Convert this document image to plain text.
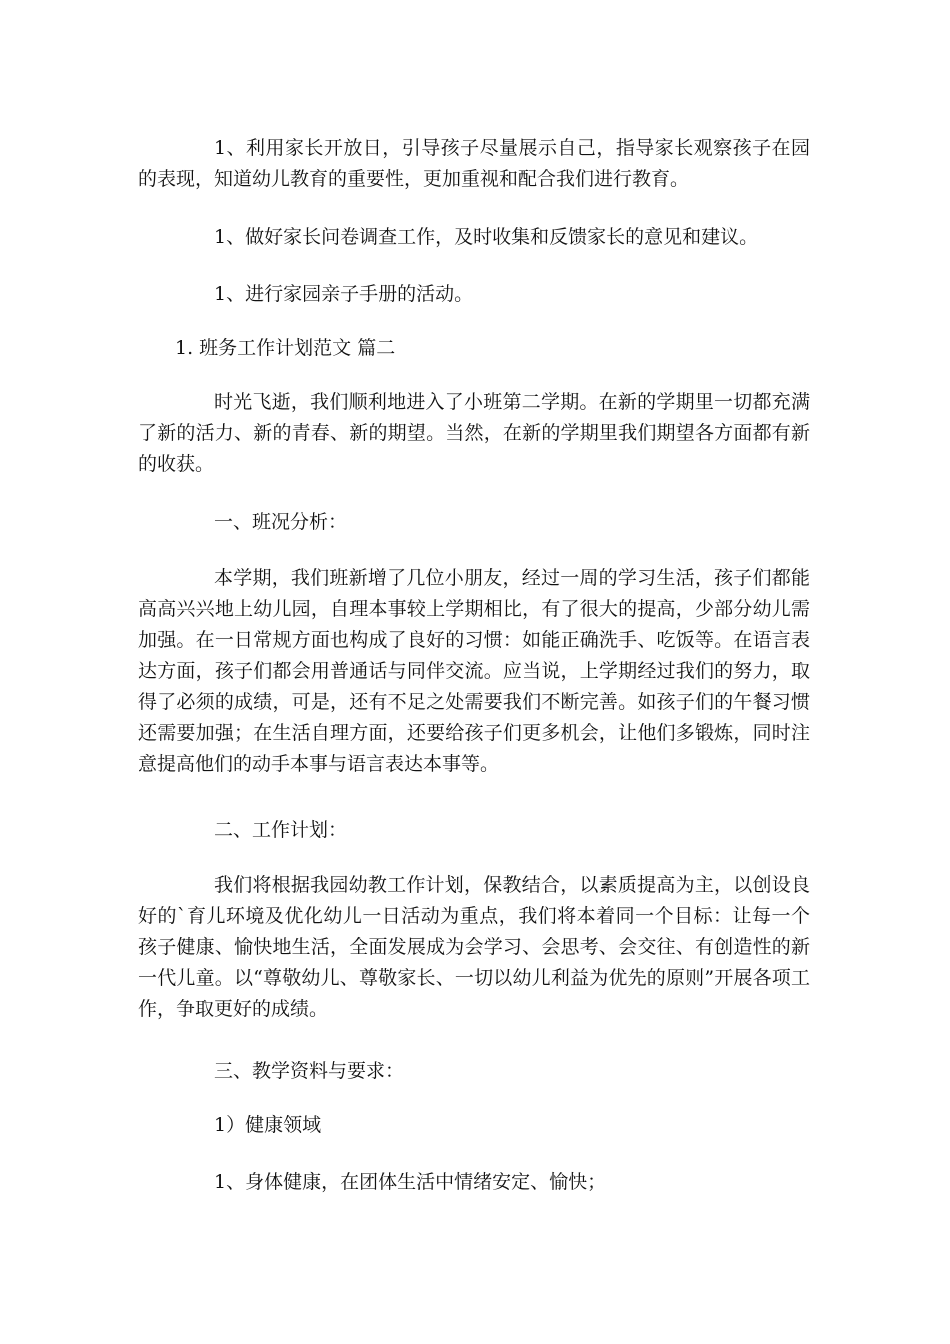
1、利用家长开放日，引导孩子尽量展示自己，指导家长观察孩子在园的表现，知道幼儿教育的重要性，更加重视和配合我们进行教育。

1、做好家长问卷调查工作，及时收集和反馈家长的意见和建议。

1、进行家园亲子手册的活动。

1. 班务工作计划范文 篇二

时光飞逝，我们顺利地进入了小班第二学期。在新的学期里一切都充满了新的活力、新的青春、新的期望。当然，在新的学期里我们期望各方面都有新的收获。

一、班况分析：

本学期，我们班新增了几位小朋友，经过一周的学习生活，孩子们都能高高兴兴地上幼儿园，自理本事较上学期相比，有了很大的提高，少部分幼儿需加强。在一日常规方面也构成了良好的习惯：如能正确洗手、吃饭等。在语言表达方面，孩子们都会用普通话与同伴交流。应当说，上学期经过我们的努力，取得了必须的成绩，可是，还有不足之处需要我们不断完善。如孩子们的午餐习惯还需要加强；在生活自理方面，还要给孩子们更多机会，让他们多锻炼，同时注意提高他们的动手本事与语言表达本事等。

二、工作计划：

我们将根据我园幼教工作计划，保教结合，以素质提高为主，以创设良好的`育儿环境及优化幼儿一日活动为重点，我们将本着同一个目标：让每一个孩子健康、愉快地生活，全面发展成为会学习、会思考、会交往、有创造性的新一代儿童。以“尊敬幼儿、尊敬家长、一切以幼儿利益为优先的原则”开展各项工作，争取更好的成绩。

三、教学资料与要求：

1）健康领域

1、身体健康，在团体生活中情绪安定、愉快；
